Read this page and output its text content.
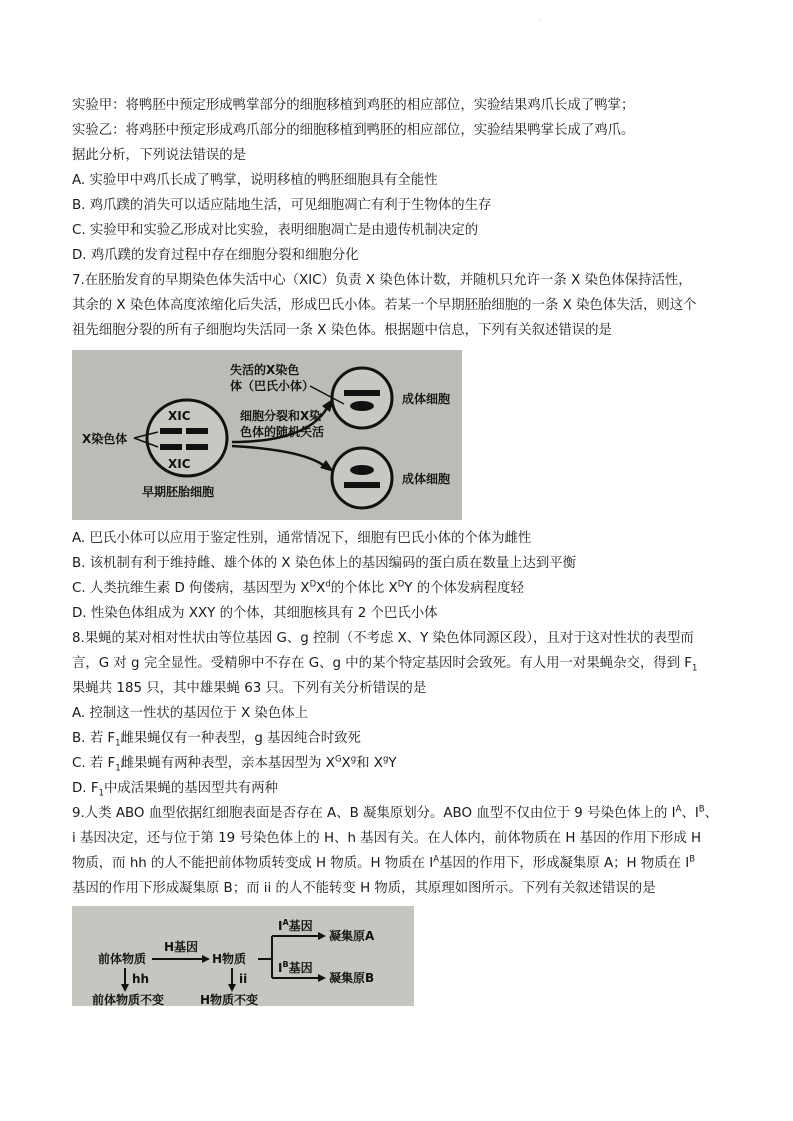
.
实验甲：将鸭胚中预定形成鸭掌部分的细胞移植到鸡胚的相应部位，实验结果鸡爪长成了鸭掌；
实验乙：将鸡胚中预定形成鸡爪部分的细胞移植到鸭胚的相应部位，实验结果鸭掌长成了鸡爪。
据此分析，下列说法错误的是
A. 实验甲中鸡爪长成了鸭掌，说明移植的鸭胚细胞具有全能性
B. 鸡爪蹼的消失可以适应陆地生活，可见细胞凋亡有利于生物体的生存
C. 实验甲和实验乙形成对比实验，表明细胞凋亡是由遗传机制决定的
D. 鸡爪蹼的发育过程中存在细胞分裂和细胞分化
7.在胚胎发育的早期染色体失活中心（XIC）负责 X 染色体计数，并随机只允许一条 X 染色体保持活性，
其余的 X 染色体高度浓缩化后失活，形成巴氏小体。若某一个早期胚胎细胞的一条 X 染色体失活，则这个
祖先细胞分裂的所有子细胞均失活同一条 X 染色体。根据题中信息，下列有关叙述错误的是
XIC
XIC
X染色体
早期胚胎细胞
细胞分裂和X染
色体的随机失活
失活的X染色
体（巴氏小体）
成体细胞
成体细胞
A. 巴氏小体可以应用于鉴定性别，通常情况下，细胞有巴氏小体的个体为雌性
B. 该机制有利于维持雌、雄个体的 X 染色体上的基因编码的蛋白质在数量上达到平衡
C. 人类抗维生素 D 佝偻病，基因型为 $X^DX^d$的个体比 $X^DY$ 的个体发病程度轻
D. 性染色体组成为 XXY 的个体，其细胞核具有 2 个巴氏小体
8.果蝇的某对相对性状由等位基因 G、g 控制（不考虑 X、Y 染色体同源区段），且对于这对性状的表型而
言，G 对 g 完全显性。受精卵中不存在 G、g 中的某个特定基因时会致死。有人用一对果蝇杂交，得到 $F_1$
果蝇共 185 只，其中雄果蝇 63 只。下列有关分析错误的是
A. 控制这一性状的基因位于 X 染色体上
B. 若 $F_1$雌果蝇仅有一种表型，g 基因纯合时致死
C. 若 $F_1$雌果蝇有两种表型，亲本基因型为 $X^GX^g$和 $X^gY$
D. $F_1$中成活果蝇的基因型共有两种
9.人类 ABO 血型依据红细胞表面是否存在 A、B 凝集原划分。ABO 血型不仅由位于 9 号染色体上的 $I^A$、$I^B$、
i 基因决定，还与位于第 19 号染色体上的 H、h 基因有关。在人体内，前体物质在 H 基因的作用下形成 H
物质，而 hh 的人不能把前体物质转变成 H 物质。H 物质在 $I^A$基因的作用下，形成凝集原 A；H 物质在 $I^B$
基因的作用下形成凝集原 B；而 ii 的人不能转变 H 物质，其原理如图所示。下列有关叙述错误的是
前体物质
H基因
H物质
hh
前体物质不变
ii
H物质不变
$I^A$基因
$I^B$基因
凝集原A
凝集原B
